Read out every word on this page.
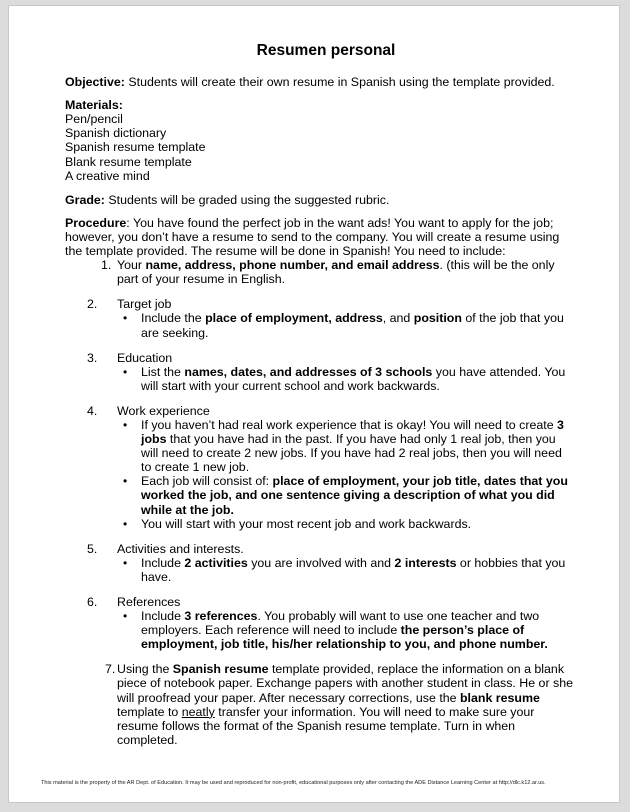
Resumen personal

Objective: Students will create their own resume in Spanish using the template provided.

Materials:
Pen/pencil
Spanish dictionary
Spanish resume template
Blank resume template
A creative mind

Grade: Students will be graded using the suggested rubric.

Procedure: You have found the perfect job in the want ads! You want to apply for the job; however, you don’t have a resume to send to the company. You will create a resume using the template provided. The resume will be done in Spanish! You need to include:

1. Your name, address, phone number, and email address. (this will be the only part of your resume in English.
2.	Target job
• Include the place of employment, address, and position of the job that you are seeking.
3.	Education
• List the names, dates, and addresses of 3 schools you have attended. You will start with your current school and work backwards.
4.	Work experience
• If you haven’t had real work experience that is okay! You will need to create 3 jobs that you have had in the past. If you have had only 1 real job, then you will need to create 2 new jobs. If you have had 2 real jobs, then you will need to create 1 new job.
• Each job will consist of: place of employment, your job title, dates that you worked the job, and one sentence giving a description of what you did while at the job.
• You will start with your most recent job and work backwards.
5.	Activities and interests.
• Include 2 activities you are involved with and 2 interests or hobbies that you have.
6.	References
• Include 3 references. You probably will want to use one teacher and two employers. Each reference will need to include the person’s place of employment, job title, his/her relationship to you, and phone number.
7. Using the Spanish resume template provided, replace the information on a blank piece of notebook paper. Exchange papers with another student in class. He or she will proofread your paper. After necessary corrections, use the blank resume template to neatly transfer your information. You will need to make sure your resume follows the format of the Spanish resume template. Turn in when completed.
This material is the property of the AR Dept. of Education. It may be used and reproduced for non-profit, educational purposes only after contacting the ADE Distance Learning Center at http://dlc.k12.ar.us.
